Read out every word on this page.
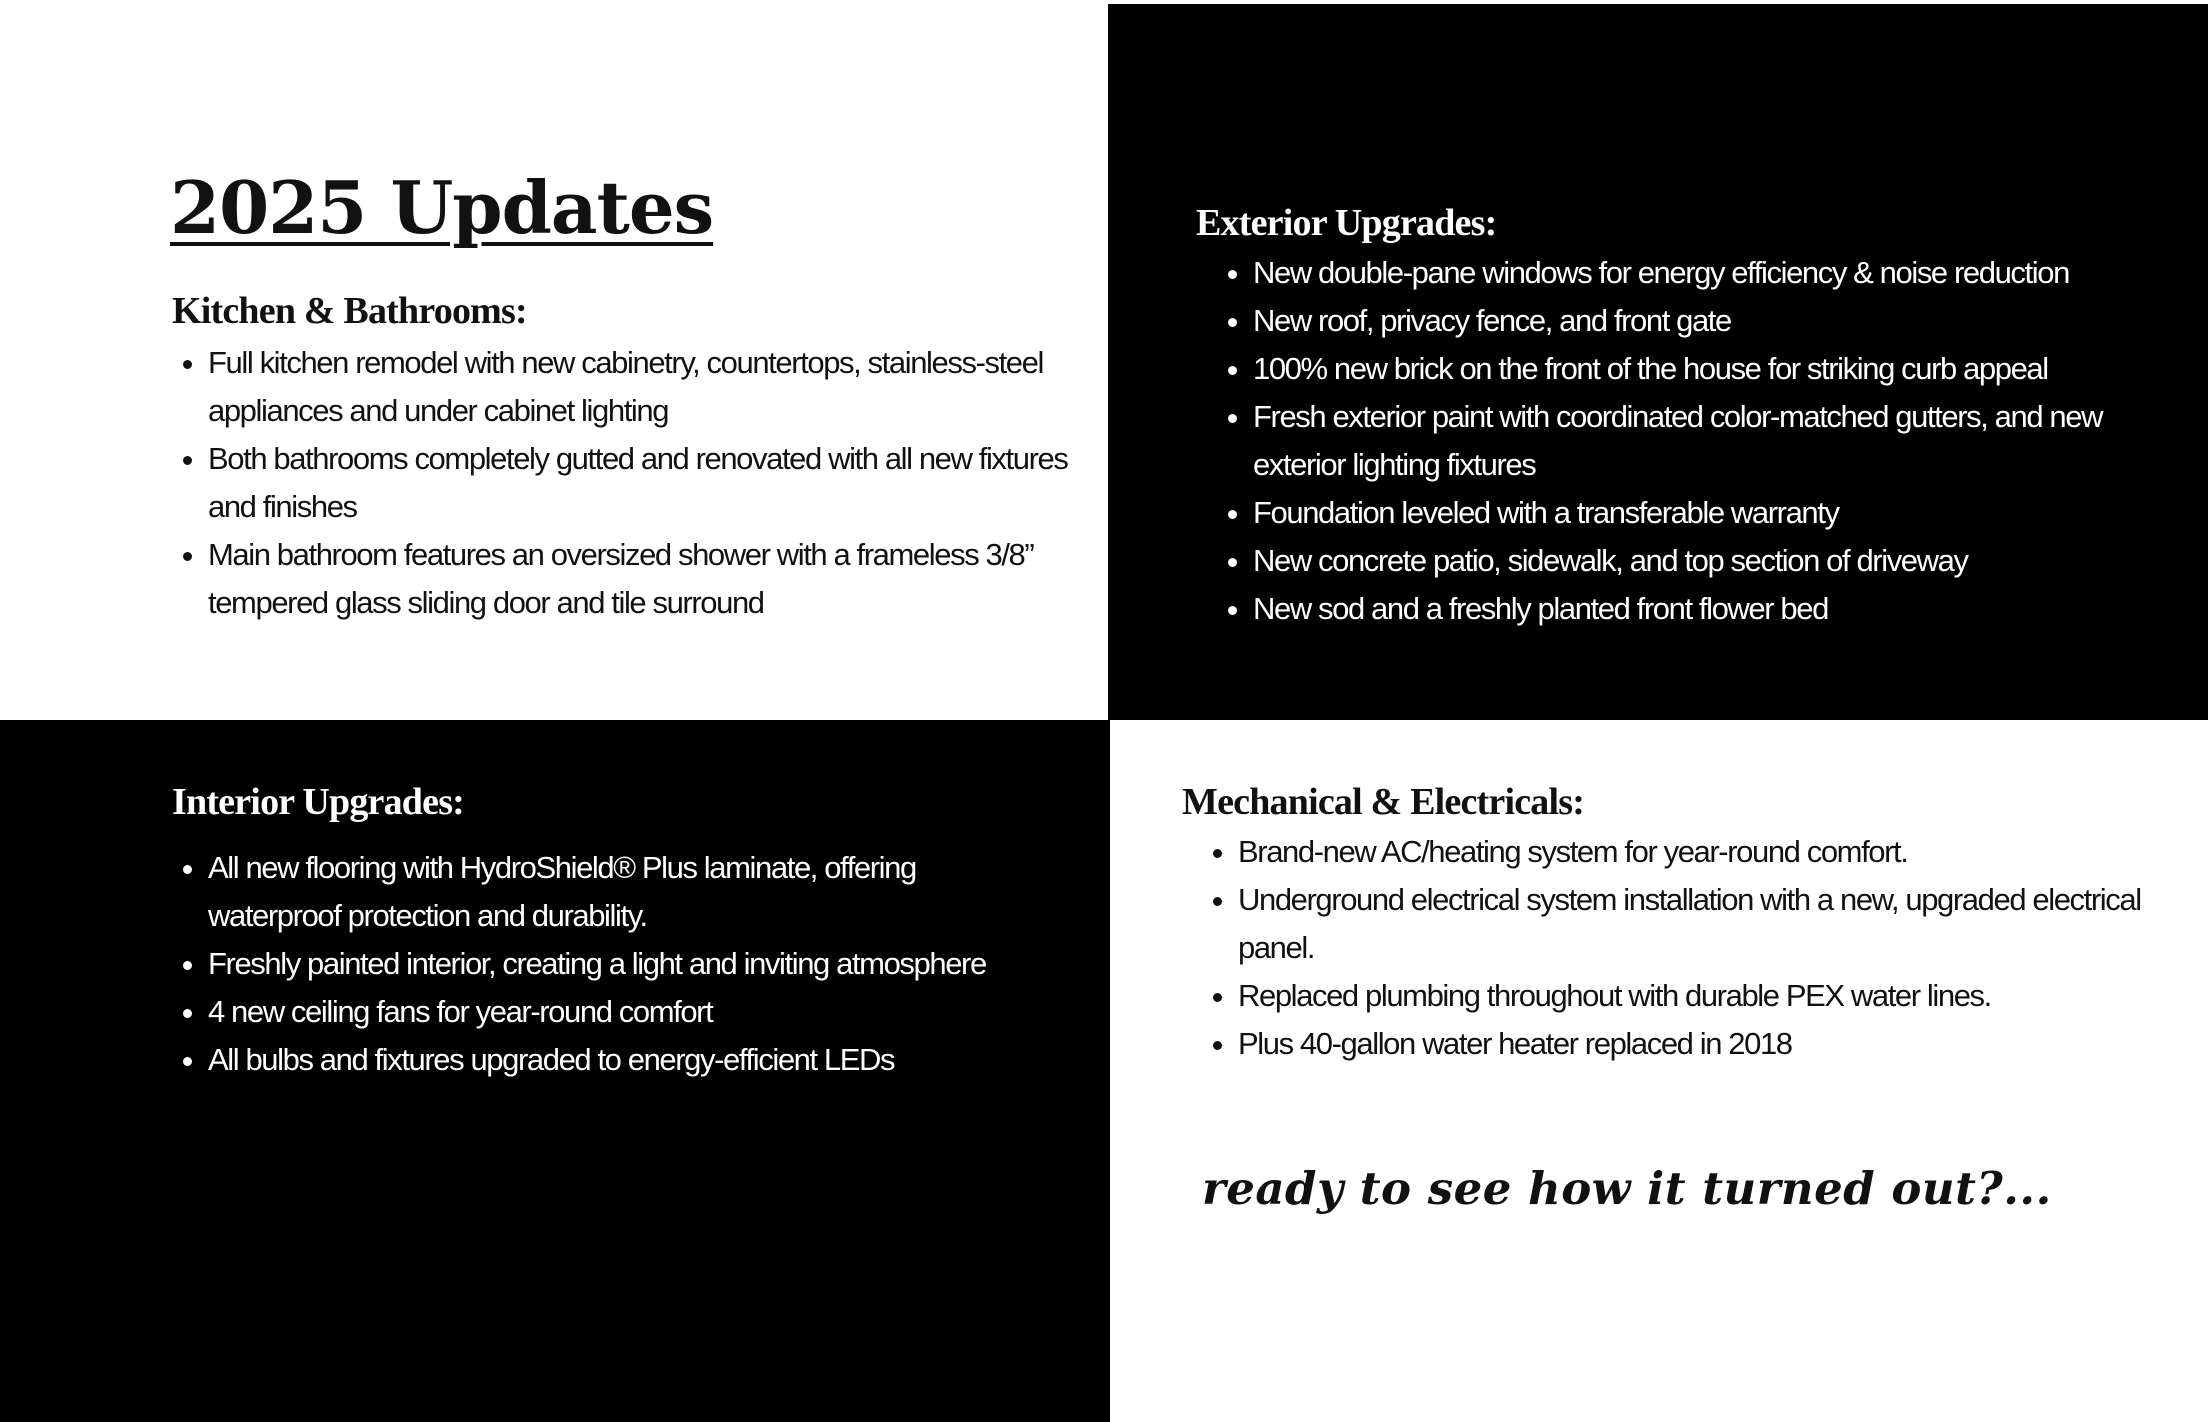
2025 Updates
Kitchen & Bathrooms:
• Full kitchen remodel with new cabinetry, countertops, stainless-steel appliances and under cabinet lighting
• Both bathrooms completely gutted and renovated with all new fixtures and finishes
• Main bathroom features an oversized shower with a frameless 3/8” tempered glass sliding door and tile surround
Exterior Upgrades:
• New double-pane windows for energy efficiency & noise reduction
• New roof, privacy fence, and front gate
• 100% new brick on the front of the house for striking curb appeal
• Fresh exterior paint with coordinated color-matched gutters, and new exterior lighting fixtures
• Foundation leveled with a transferable warranty
• New concrete patio, sidewalk, and top section of driveway
• New sod and a freshly planted front flower bed
Interior Upgrades:
• All new flooring with HydroShield® Plus laminate, offering waterproof protection and durability.
• Freshly painted interior, creating a light and inviting atmosphere
• 4 new ceiling fans for year-round comfort
• All bulbs and fixtures upgraded to energy-efficient LEDs
Mechanical & Electricals:
• Brand-new AC/heating system for year-round comfort.
• Underground electrical system installation with a new, upgraded electrical panel.
• Replaced plumbing throughout with durable PEX water lines.
• Plus 40-gallon water heater replaced in 2018

ready to see how it turned out?...
